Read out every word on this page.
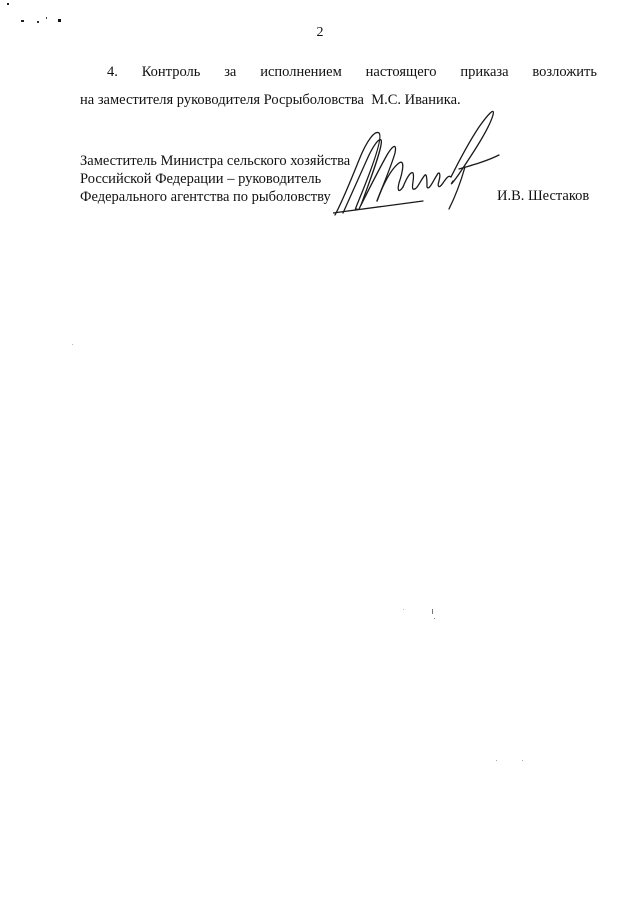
2
4. Контроль за исполнением настоящего приказа возложить
на заместителя руководителя Росрыболовства  М.С. Иваника.
Заместитель Министра сельского хозяйства
Российской Федерации – руководитель
Федерального агентства по рыболовству	И.В. Шестаков
